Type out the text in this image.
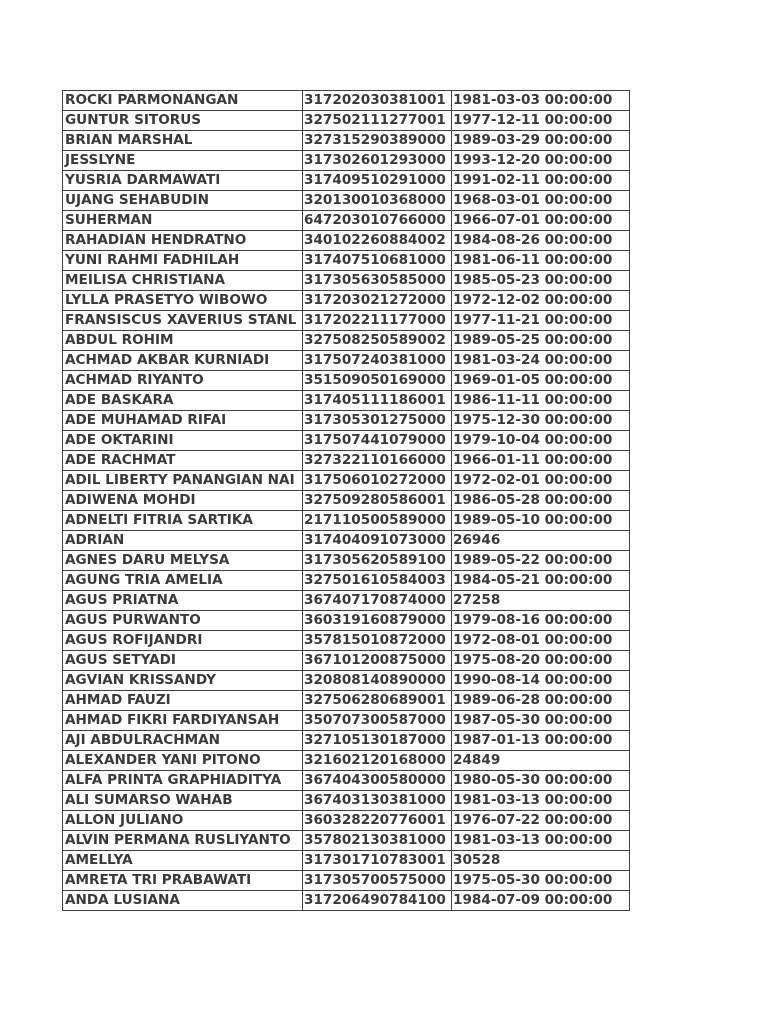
ROCKI PARMONANGAN	317202030381001	1981-03-03 00:00:00
GUNTUR SITORUS	327502111277001	1977-12-11 00:00:00
BRIAN MARSHAL	327315290389000	1989-03-29 00:00:00
JESSLYNE	317302601293000	1993-12-20 00:00:00
YUSRIA DARMAWATI	317409510291000	1991-02-11 00:00:00
UJANG SEHABUDIN	320130010368000	1968-03-01 00:00:00
SUHERMAN	647203010766000	1966-07-01 00:00:00
RAHADIAN HENDRATNO	340102260884002	1984-08-26 00:00:00
YUNI RAHMI FADHILAH	317407510681000	1981-06-11 00:00:00
MEILISA CHRISTIANA	317305630585000	1985-05-23 00:00:00
LYLLA PRASETYO WIBOWO	317203021272000	1972-12-02 00:00:00
FRANSISCUS XAVERIUS STANL	317202211177000	1977-11-21 00:00:00
ABDUL ROHIM	327508250589002	1989-05-25 00:00:00
ACHMAD AKBAR KURNIADI	317507240381000	1981-03-24 00:00:00
ACHMAD RIYANTO	351509050169000	1969-01-05 00:00:00
ADE BASKARA	317405111186001	1986-11-11 00:00:00
ADE MUHAMAD RIFAI	317305301275000	1975-12-30 00:00:00
ADE OKTARINI	317507441079000	1979-10-04 00:00:00
ADE RACHMAT	327322110166000	1966-01-11 00:00:00
ADIL LIBERTY PANANGIAN NAI	317506010272000	1972-02-01 00:00:00
ADIWENA MOHDI	327509280586001	1986-05-28 00:00:00
ADNELTI FITRIA SARTIKA	217110500589000	1989-05-10 00:00:00
ADRIAN	317404091073000	26946
AGNES DARU MELYSA	317305620589100	1989-05-22 00:00:00
AGUNG TRIA AMELIA	327501610584003	1984-05-21 00:00:00
AGUS PRIATNA	367407170874000	27258
AGUS PURWANTO	360319160879000	1979-08-16 00:00:00
AGUS ROFIJANDRI	357815010872000	1972-08-01 00:00:00
AGUS SETYADI	367101200875000	1975-08-20 00:00:00
AGVIAN KRISSANDY	320808140890000	1990-08-14 00:00:00
AHMAD FAUZI	327506280689001	1989-06-28 00:00:00
AHMAD FIKRI FARDIYANSAH	350707300587000	1987-05-30 00:00:00
AJI ABDULRACHMAN	327105130187000	1987-01-13 00:00:00
ALEXANDER YANI PITONO	321602120168000	24849
ALFA PRINTA GRAPHIADITYA	367404300580000	1980-05-30 00:00:00
ALI SUMARSO WAHAB	367403130381000	1981-03-13 00:00:00
ALLON JULIANO	360328220776001	1976-07-22 00:00:00
ALVIN PERMANA RUSLIYANTO	357802130381000	1981-03-13 00:00:00
AMELLYA	317301710783001	30528
AMRETA TRI PRABAWATI	317305700575000	1975-05-30 00:00:00
ANDA LUSIANA	317206490784100	1984-07-09 00:00:00
